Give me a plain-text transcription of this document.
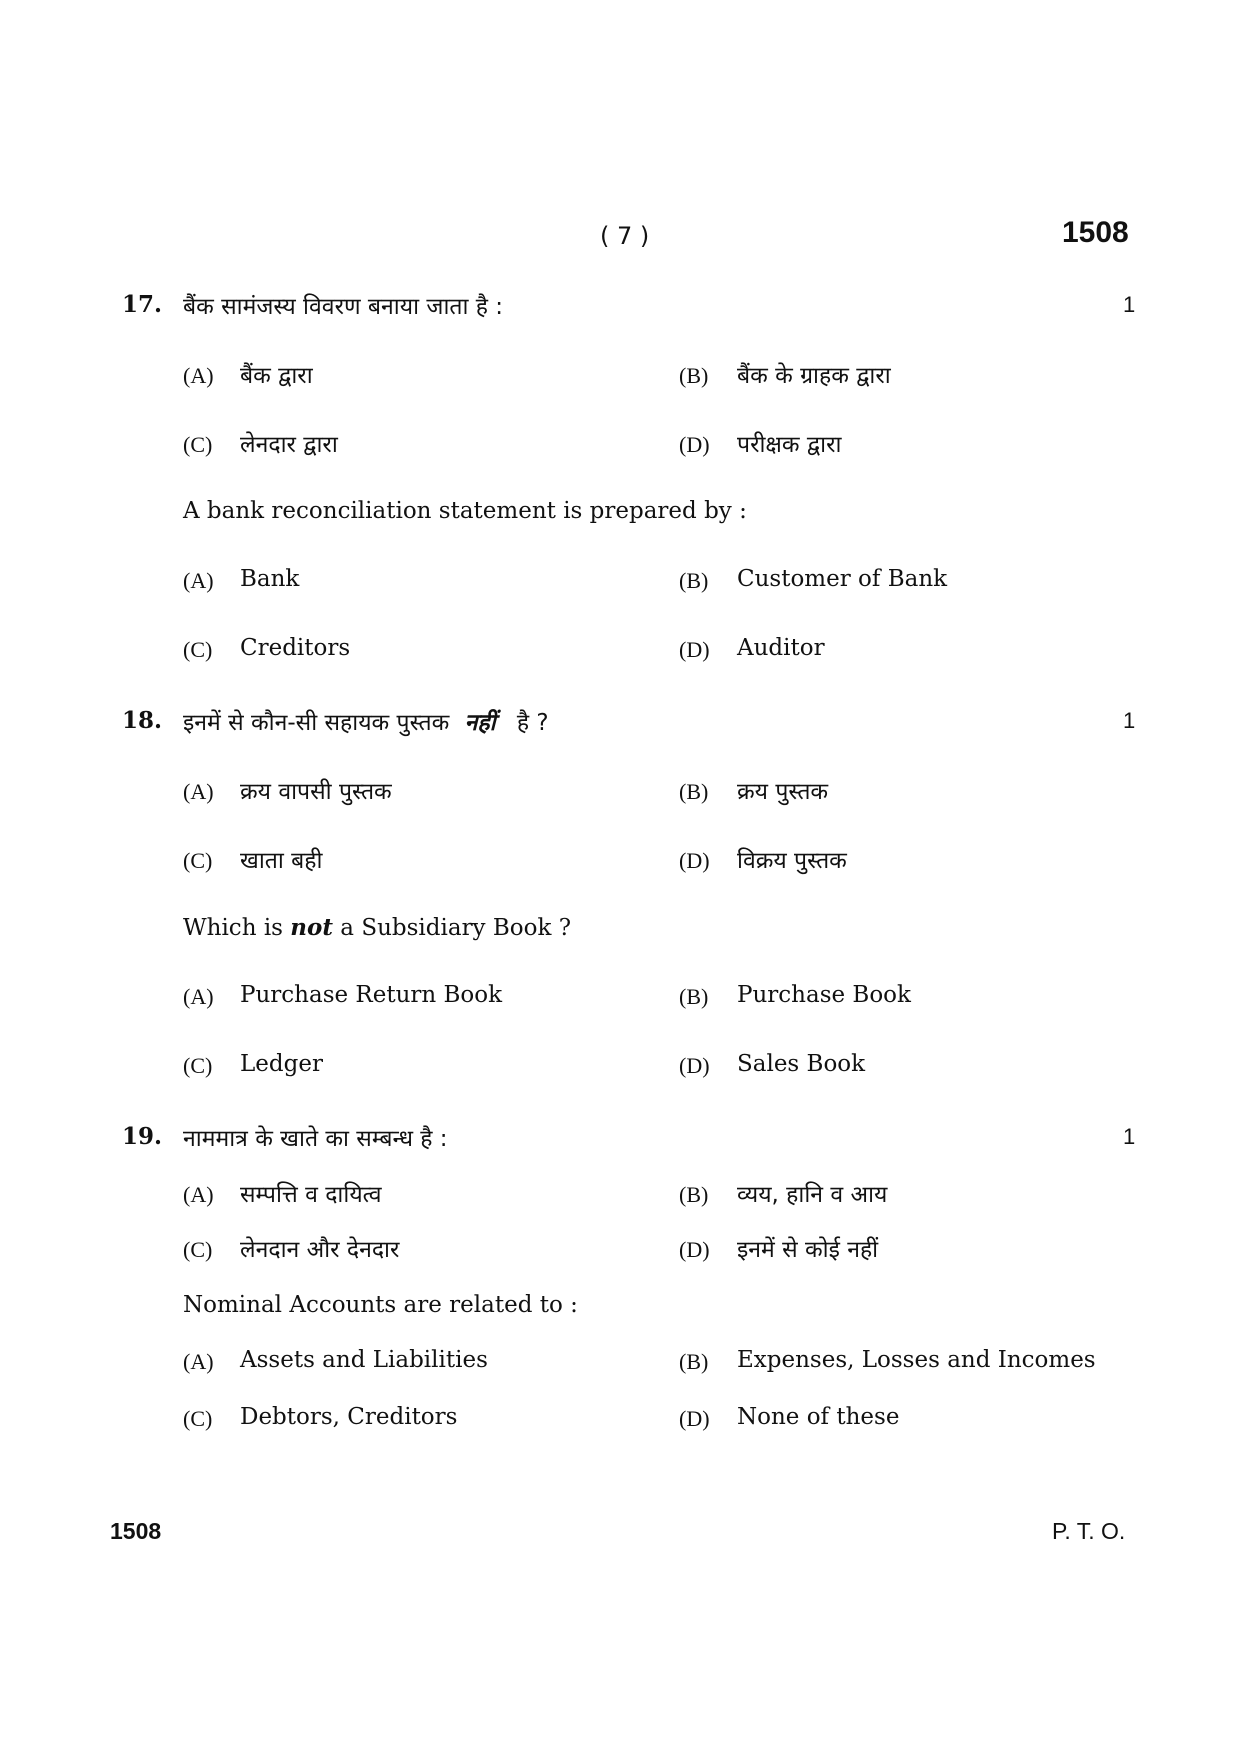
( 7 )	1508
17. बैंक सामंजस्य विवरण बनाया जाता है :	1
(A) बैंक द्वारा	(B) बैंक के ग्राहक द्वारा
(C) लेनदार द्वारा	(D) परीक्षक द्वारा
A bank reconciliation statement is prepared by :
(A) Bank	(B) Customer of Bank
(C) Creditors	(D) Auditor
18. इनमें से कौन-सी सहायक पुस्तक नहीं है ?	1
(A) क्रय वापसी पुस्तक	(B) क्रय पुस्तक
(C) खाता बही	(D) विक्रय पुस्तक
Which is not a Subsidiary Book ?
(A) Purchase Return Book	(B) Purchase Book
(C) Ledger	(D) Sales Book
19. नाममात्र के खाते का सम्बन्ध है :	1
(A) सम्पत्ति व दायित्व	(B) व्यय, हानि व आय
(C) लेनदान और देनदार	(D) इनमें से कोई नहीं
Nominal Accounts are related to :
(A) Assets and Liabilities	(B) Expenses, Losses and Incomes
(C) Debtors, Creditors	(D) None of these
1508	P. T. O.
